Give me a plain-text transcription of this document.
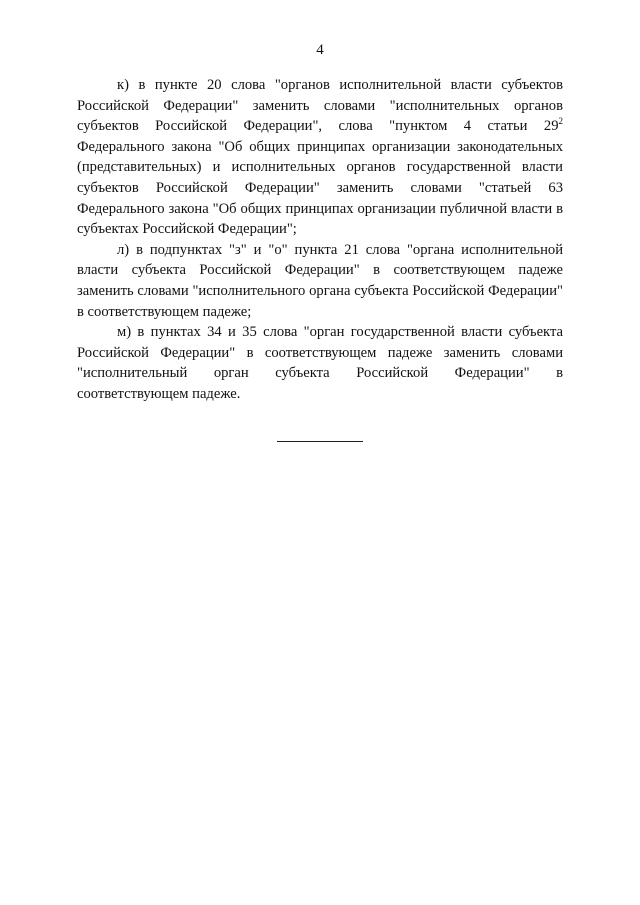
4

к) в пункте 20 слова "органов исполнительной власти субъектов Российской Федерации" заменить словами "исполнительных органов субъектов Российской Федерации", слова "пунктом 4 статьи $29^2$ Федерального закона "Об общих принципах организации законодательных (представительных) и исполнительных органов государственной власти субъектов Российской Федерации" заменить словами "статьей 63 Федерального закона "Об общих принципах организации публичной власти в субъектах Российской Федерации";

л) в подпунктах "з" и "о" пункта 21 слова "органа исполнительной власти субъекта Российской Федерации" в соответствующем падеже заменить словами "исполнительного органа субъекта Российской Федерации" в соответствующем падеже;

м) в пунктах 34 и 35 слова "орган государственной власти субъекта Российской Федерации" в соответствующем падеже заменить словами "исполнительный орган субъекта Российской Федерации" в соответствующем падеже.
